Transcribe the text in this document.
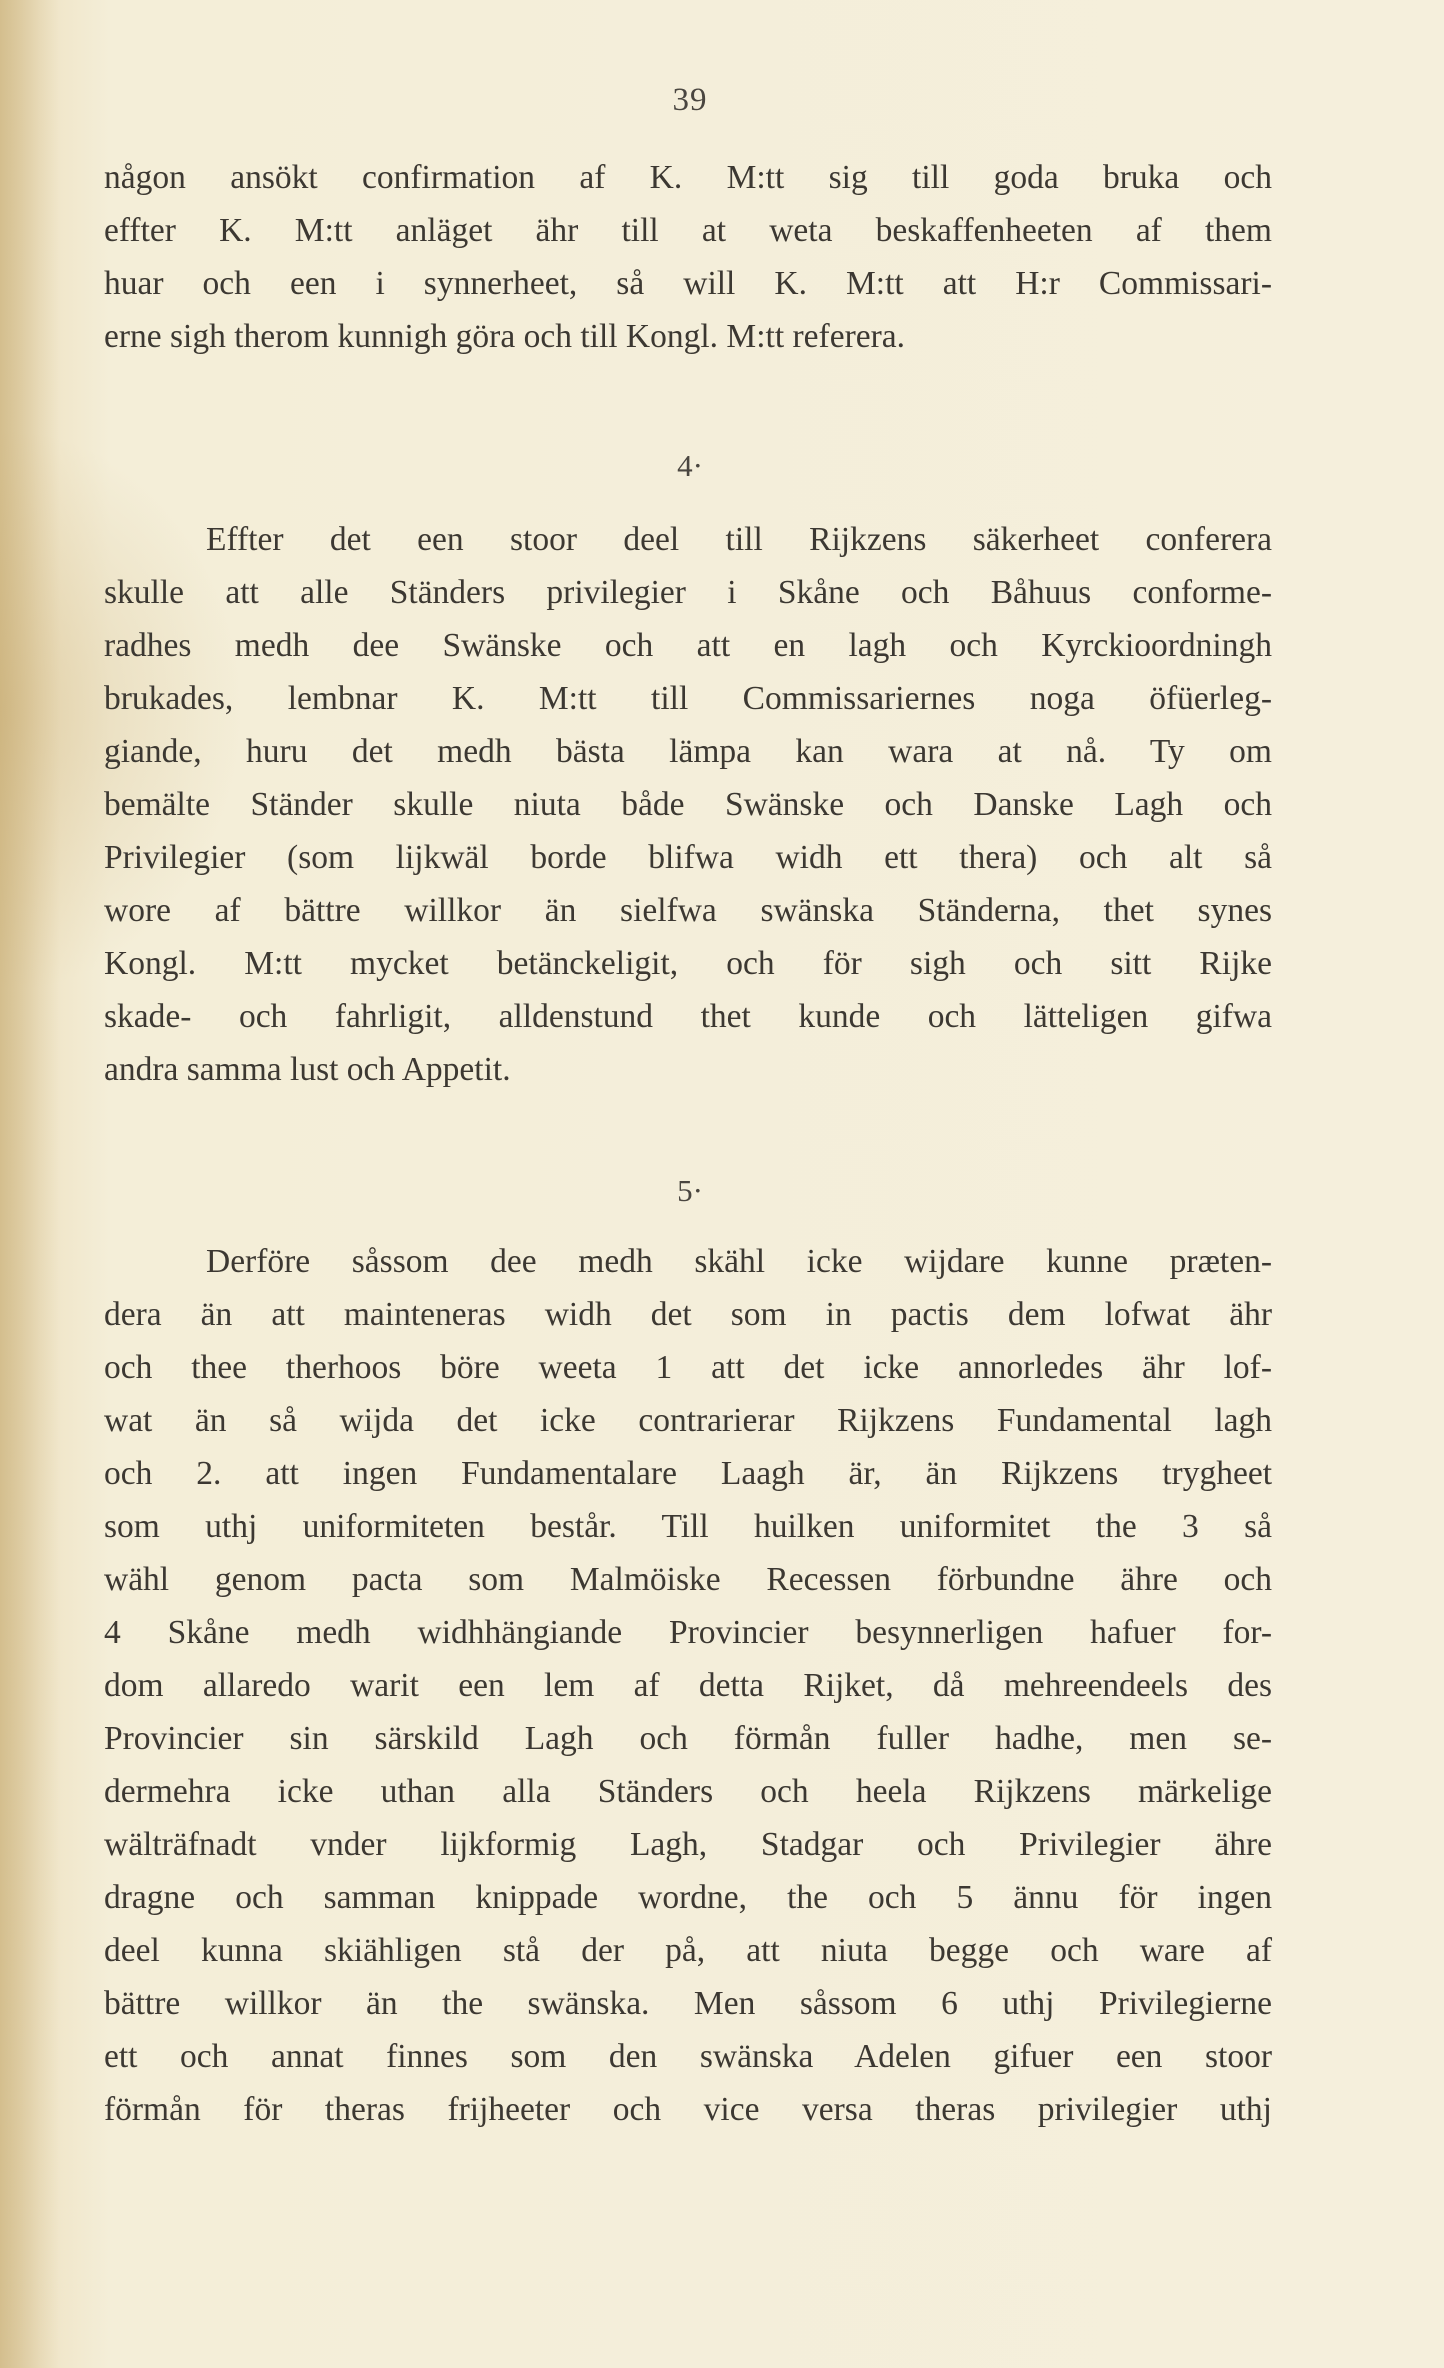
39
någon ansökt confirmation af K. M:tt sig till goda bruka och
effter K. M:tt anläget ähr till at weta beskaffenheeten af them
huar och een i synnerheet, så will K. M:tt att H:r Commissari-
erne sigh therom kunnigh göra och till Kongl. M:tt referera.
4·
Effter det een stoor deel till Rijkzens säkerheet conferera
skulle att alle Ständers privilegier i Skåne och Båhuus conforme-
radhes medh dee Swänske och att en lagh och Kyrckioordningh
brukades, lembnar K. M:tt till Commissariernes noga öfüerleg-
giande, huru det medh bästa lämpa kan wara at nå. Ty om
bemälte Ständer skulle niuta både Swänske och Danske Lagh och
Privilegier (som lijkwäl borde blifwa widh ett thera) och alt så
wore af bättre willkor än sielfwa swänska Ständerna, thet synes
Kongl. M:tt mycket betänckeligit, och för sigh och sitt Rijke
skade- och fahrligit, alldenstund thet kunde och lätteligen gifwa
andra samma lust och Appetit.
5·
Derföre såssom dee medh skähl icke wijdare kunne præten-
dera än att mainteneras widh det som in pactis dem lofwat ähr
och thee therhoos böre weeta 1 att det icke annorledes ähr lof-
wat än så wijda det icke contrarierar Rijkzens Fundamental lagh
och 2. att ingen Fundamentalare Laagh är, än Rijkzens trygheet
som uthj uniformiteten består. Till huilken uniformitet the 3 så
wähl genom pacta som Malmöiske Recessen förbundne ähre och
4 Skåne medh widhhängiande Provincier besynnerligen hafuer for-
dom allaredo warit een lem af detta Rijket, då mehreendeels des
Provincier sin särskild Lagh och förmån fuller hadhe, men se-
dermehra icke uthan alla Ständers och heela Rijkzens märkelige
wälträfnadt vnder lijkformig Lagh, Stadgar och Privilegier ähre
dragne och samman knippade wordne, the och 5 ännu för ingen
deel kunna skiähligen stå der på, att niuta begge och ware af
bättre willkor än the swänska. Men såssom 6 uthj Privilegierne
ett och annat finnes som den swänska Adelen gifuer een stoor
förmån för theras frijheeter och vice versa theras privilegier uthj
